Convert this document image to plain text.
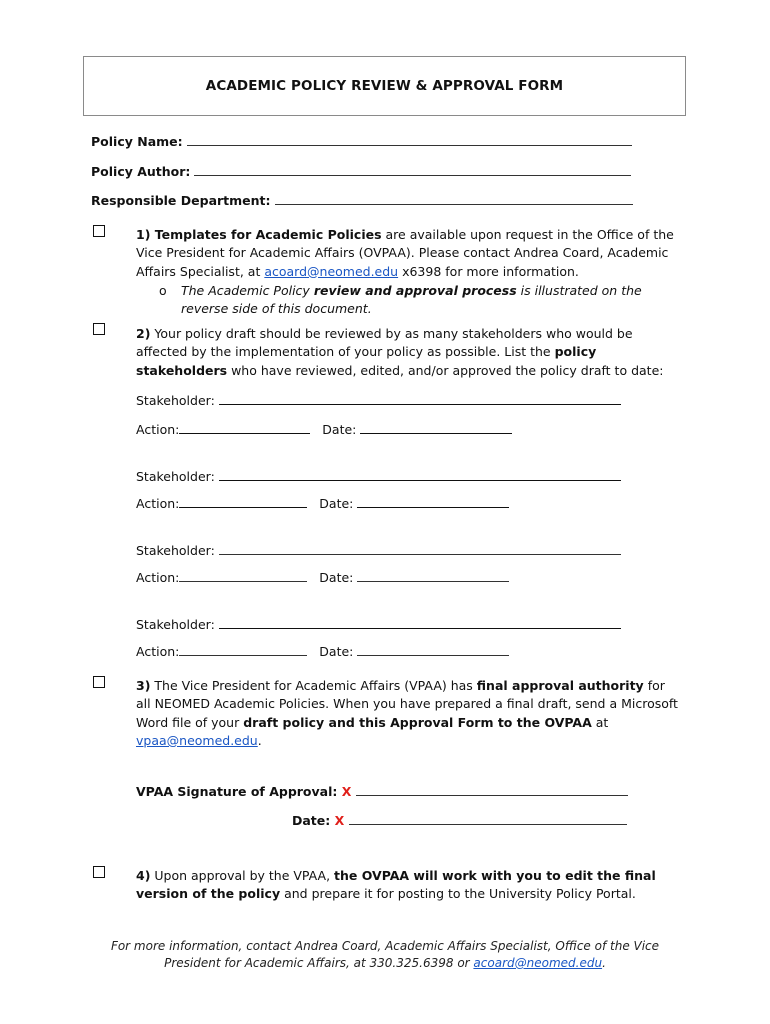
ACADEMIC POLICY REVIEW & APPROVAL FORM
Policy Name:
Policy Author:
Responsible Department:
1) Templates for Academic Policies are available upon request in the Office of the Vice President for Academic Affairs (OVPAA). Please contact Andrea Coard, Academic Affairs Specialist, at acoard@neomed.edu x6398 for more information.
o The Academic Policy review and approval process is illustrated on the reverse side of this document.
2) Your policy draft should be reviewed by as many stakeholders who would be affected by the implementation of your policy as possible. List the policy stakeholders who have reviewed, edited, and/or approved the policy draft to date:
Stakeholder:
Action:	Date:
Stakeholder:
Action:	Date:
Stakeholder:
Action:	Date:
Stakeholder:
Action:	Date:
3) The Vice President for Academic Affairs (VPAA) has final approval authority for all NEOMED Academic Policies. When you have prepared a final draft, send a Microsoft Word file of your draft policy and this Approval Form to the OVPAA at vpaa@neomed.edu.
VPAA Signature of Approval: X
Date: X
4) Upon approval by the VPAA, the OVPAA will work with you to edit the final version of the policy and prepare it for posting to the University Policy Portal.
For more information, contact Andrea Coard, Academic Affairs Specialist, Office of the Vice President for Academic Affairs, at 330.325.6398 or acoard@neomed.edu.
